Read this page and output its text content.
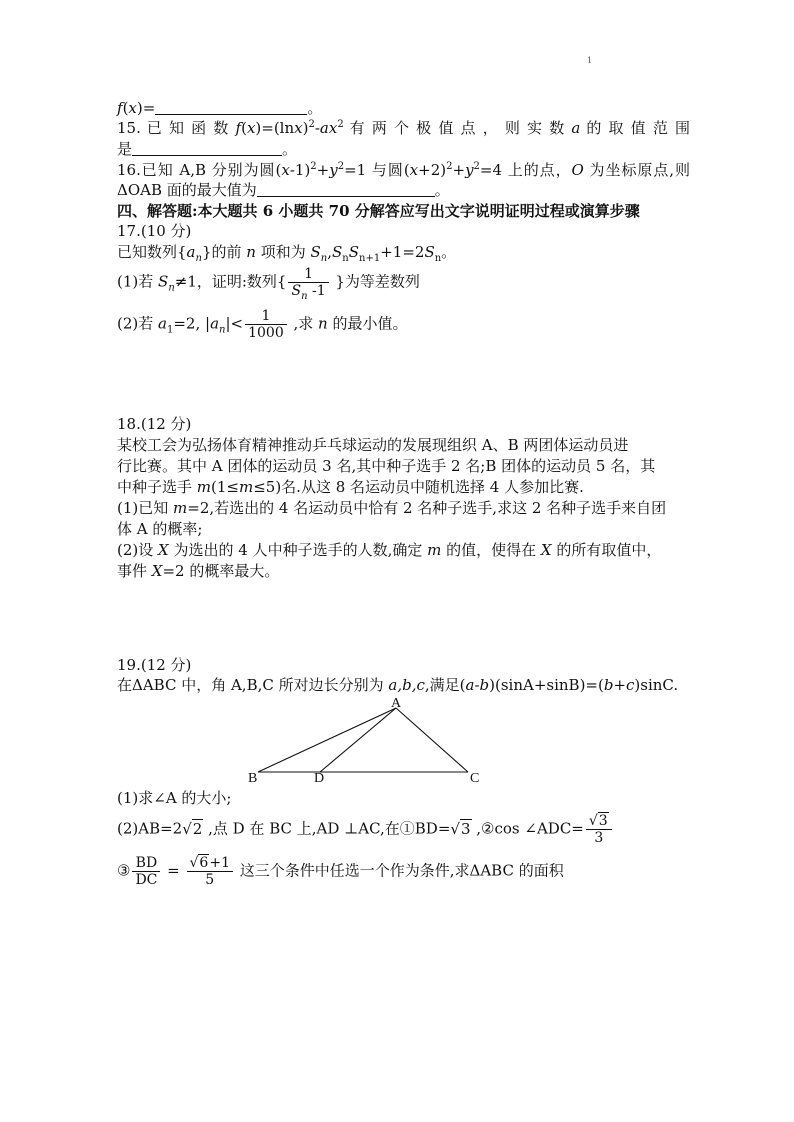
1
f(x)=	。
15. 已 知 函 数 $f(x)=(\ln x)^2-ax^2$ 有 两 个 极 值 点 ， 则 实 数 a 的 取 值 范 围
是	。
16.已知 A,B 分别为圆$(x-1)^2+y^2=1$ 与圆$(x+2)^2+y^2=4$ 上的点，O 为坐标原点,则
ΔOAB 面的最大值为	。
四、解答题:本大题共 6 小题共 70 分解答应写出文字说明证明过程或演算步骤
17.(10 分)
已知数列$\{a_n\}$的前 n 项和为 $S_n,S_nS_{n+1}+1=2S_n$。
(1)若 $S_n\ne 1$，证明:数列{ $\frac{1}{S_n -1}$ }为等差数列
(2)若 $a_1=2$, $|a_n|< \frac{1}{1000}$ ,求 n 的最小值。
18.(12 分)
某校工会为弘扬体育精神推动乒乓球运动的发展现组织 A、B 两团体运动员进
行比赛。其中 A 团体的运动员 3 名,其中种子选手 2 名;B 团体的运动员 5 名，其
中种子选手 m(1≤m≤5)名.从这 8 名运动员中随机选择 4 人参加比赛.
(1)已知 m=2,若选出的 4 名运动员中恰有 2 名种子选手,求这 2 名种子选手来自团
体 A 的概率;
(2)设 X 为选出的 4 人中种子选手的人数,确定 m 的值，使得在 X 的所有取值中，
事件 X=2 的概率最大。
19.(12 分)
在ΔABC 中，角 A,B,C 所对边长分别为 a,b,c,满足(a-b)(sinA+sinB)=(b+c)sinC.
A
B	D	C
(1)求∠A 的大小;
(2)AB=2√2 ,点 D 在 BC 上,AD ⊥AC,在①BD=√3 ,②cos ∠ADC= $\frac{√3}{3}$
③ $\frac{BD}{DC} = \frac{√6+1}{5}$ 这三个条件中任选一个作为条件,求ΔABC 的面积
